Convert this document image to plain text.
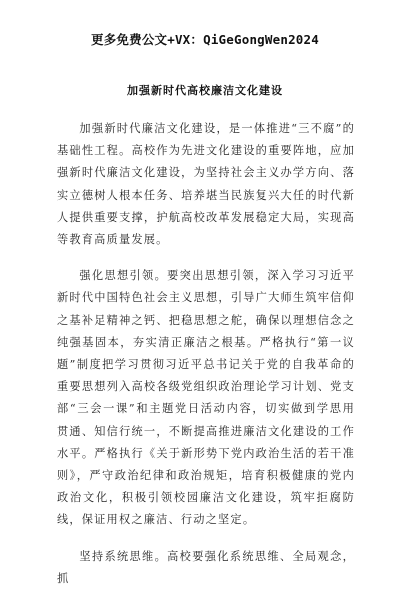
更多免费公文+VX：QiGeGongWen2024
加强新时代高校廉洁文化建设

加强新时代廉洁文化建设，是一体推进“三不腐”的基础性工程。高校作为先进文化建设的重要阵地，应加强新时代廉洁文化建设，为坚持社会主义办学方向、落实立德树人根本任务、培养堪当民族复兴大任的时代新人提供重要支撑，护航高校改革发展稳定大局，实现高等教育高质量发展。

强化思想引领。要突出思想引领，深入学习习近平新时代中国特色社会主义思想，引导广大师生筑牢信仰之基补足精神之钙、把稳思想之舵，确保以理想信念之纯强基固本，夯实清正廉洁之根基。严格执行“第一议题”制度把学习贯彻习近平总书记关于党的自我革命的重要思想列入高校各级党组织政治理论学习计划、党支部“三会一课”和主题党日活动内容，切实做到学思用贯通、知信行统一，不断提高推进廉洁文化建设的工作水平。严格执行《关于新形势下党内政治生活的若干准则》，严守政治纪律和政治规矩，培育积极健康的党内政治文化，积极引领校园廉洁文化建设，筑牢拒腐防线，保证用权之廉洁、行动之坚定。

坚持系统思维。高校要强化系统思维、全局观念，抓
